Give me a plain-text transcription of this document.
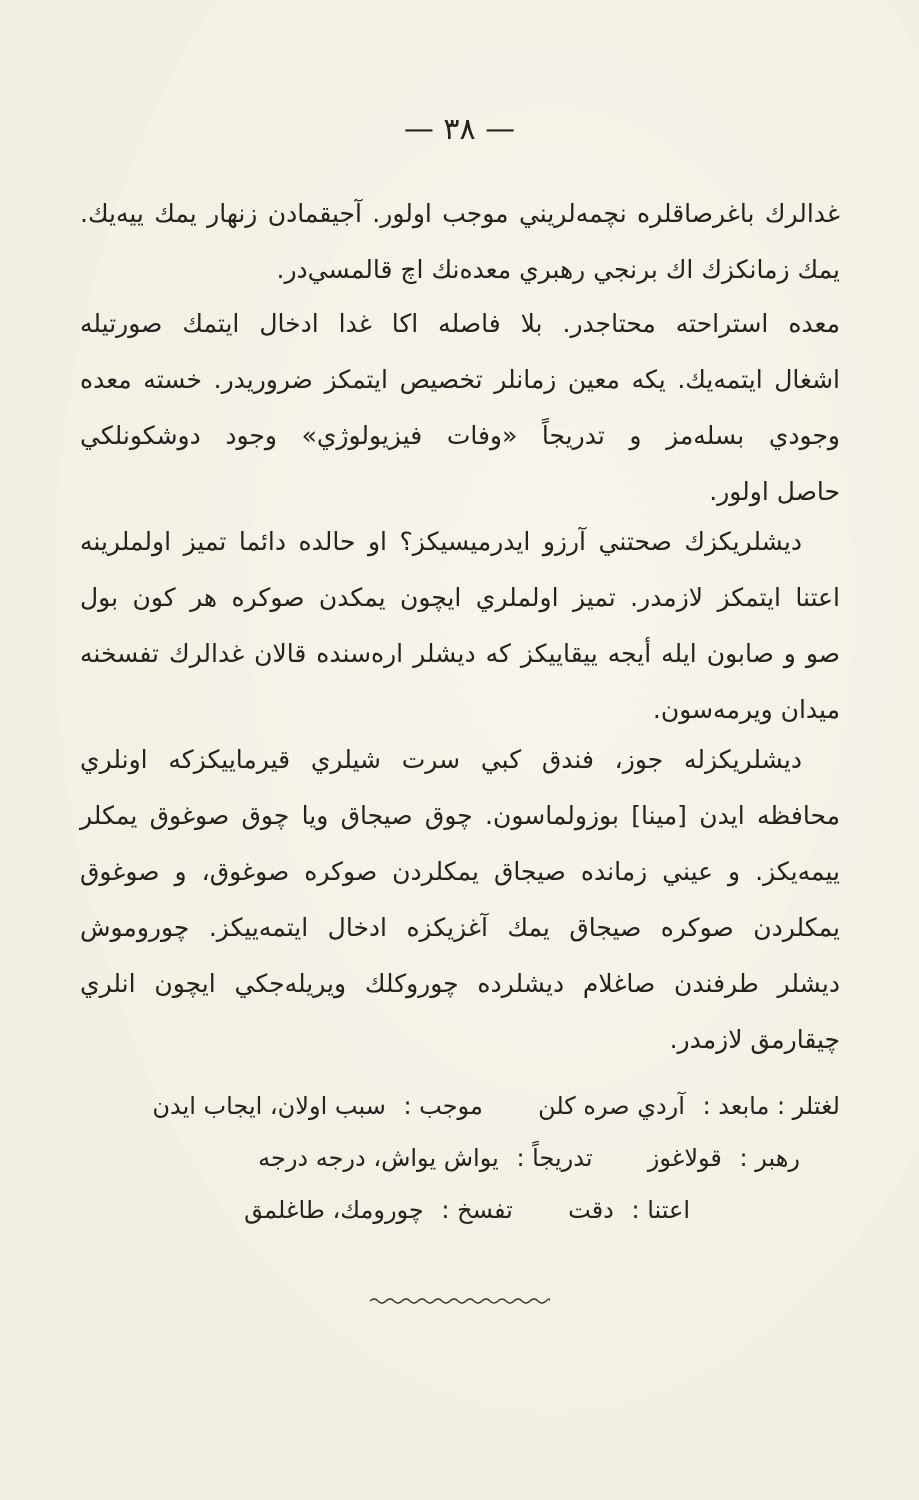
— ٣٨ —
غدالرك باغرصاقلره نچمه‌لريني موجب اولور. آجيقمادن زنهار يمك ييه‌يك.
يمك زمانكزك اك برنجي رهبري معده‌نك اچ قالمسي‌در.
معده استراحته محتاجدر. بلا فاصله اكا غدا ادخال ايتمك صورتيله
اشغال ايتمه‌يك. يكه معين زمانلر تخصيص ايتمكز ضروريدر. خسته معده
وجودي بسله‌مز و تدريجاً «وفات فيزيولوژي» وجود دوشكونلكي
حاصل اولور.
ديشلريكزك صحتني آرزو ايدرميسيكز؟ او حالده دائما تميز اولملرينه
اعتنا ايتمكز لازمدر. تميز اولملري ايچون يمكدن صوكره هر كون بول
صو و صابون ايله أيجه ييقاييكز كه ديشلر اره‌سنده قالان غدالرك تفسخنه
ميدان ويرمه‌سون.
ديشلريكزله جوز، فندق كبي سرت شيلري قيرماييكزكه اونلري
محافظه ايدن [مينا] بوزولماسون. چوق صيجاق ويا چوق صوغوق يمكلر
ييمه‌يكز. و عيني زمانده صيجاق يمكلردن صوكره صوغوق، و صوغوق
يمكلردن صوكره صيجاق يمك آغزيكزه ادخال ايتمه‌ييكز. چوروموش
ديشلر طرفندن صاغلام ديشلرده چوروكلك ويريله‌جكي ايچون انلري
چيقارمق لازمدر.
لغتلر : مابعد : آردي صره كلن  موجب : سبب اولان، ايجاب ايدن
رهبر : قولاغوز  تدريجاً : يواش يواش، درجه درجه
اعتنا : دقت  تفسخ : چورومك، طاغلمق
